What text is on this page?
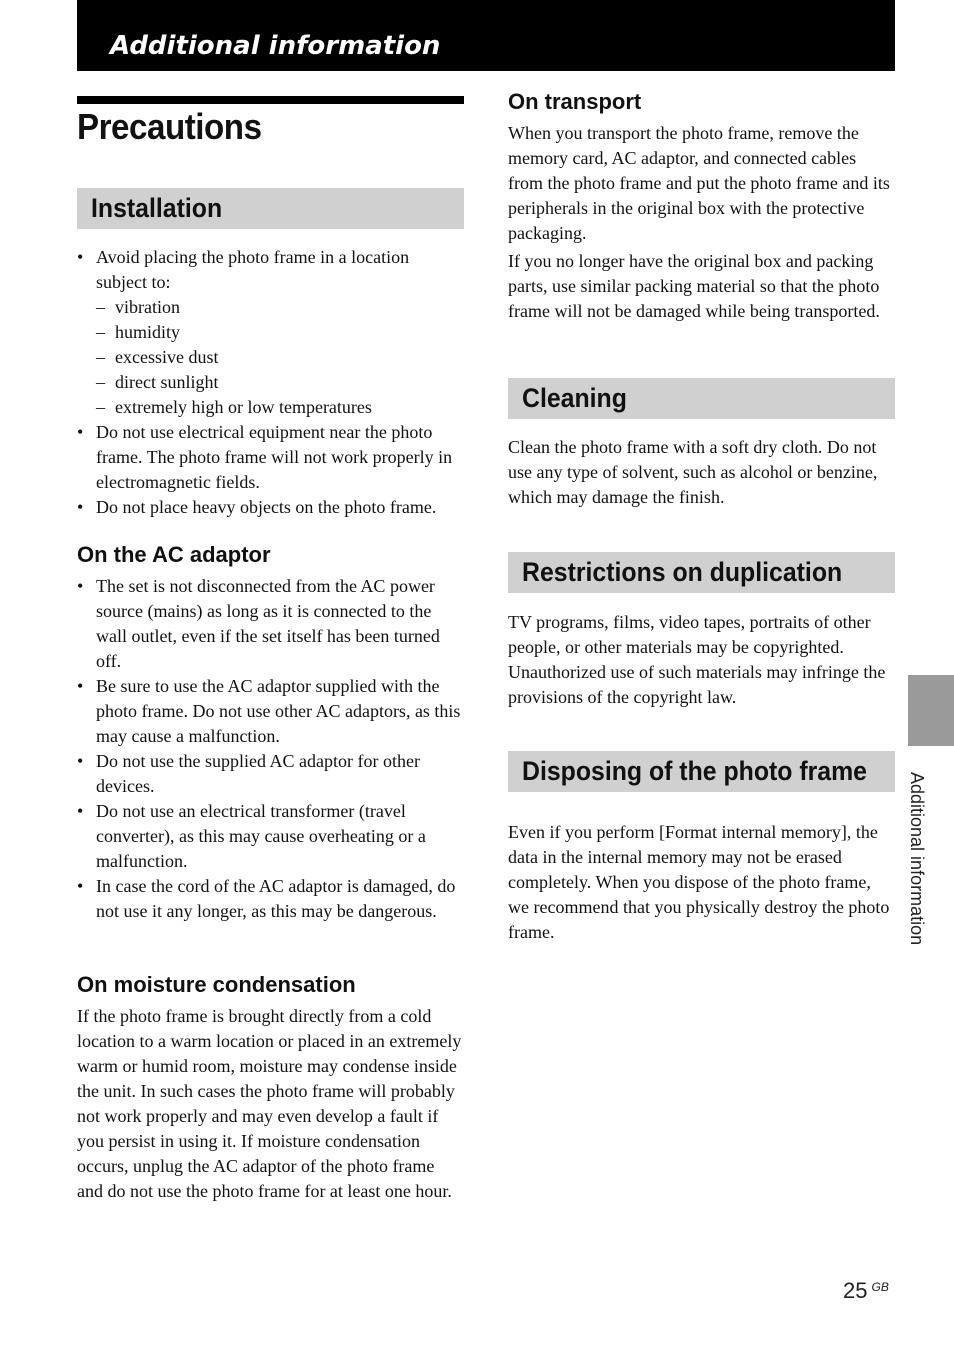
Additional information
Precautions
Installation
• Avoid placing the photo frame in a location subject to:
– vibration
– humidity
– excessive dust
– direct sunlight
– extremely high or low temperatures
• Do not use electrical equipment near the photo frame. The photo frame will not work properly in electromagnetic fields.
• Do not place heavy objects on the photo frame.
On the AC adaptor
• The set is not disconnected from the AC power source (mains) as long as it is connected to the wall outlet, even if the set itself has been turned off.
• Be sure to use the AC adaptor supplied with the photo frame. Do not use other AC adaptors, as this may cause a malfunction.
• Do not use the supplied AC adaptor for other devices.
• Do not use an electrical transformer (travel converter), as this may cause overheating or a malfunction.
• In case the cord of the AC adaptor is damaged, do not use it any longer, as this may be dangerous.
On moisture condensation

If the photo frame is brought directly from a cold location to a warm location or placed in an extremely warm or humid room, moisture may condense inside the unit. In such cases the photo frame will probably not work properly and may even develop a fault if you persist in using it. If moisture condensation occurs, unplug the AC adaptor of the photo frame and do not use the photo frame for at least one hour.

On transport

When you transport the photo frame, remove the memory card, AC adaptor, and connected cables from the photo frame and put the photo frame and its peripherals in the original box with the protective packaging.

If you no longer have the original box and packing parts, use similar packing material so that the photo frame will not be damaged while being transported.

Cleaning

Clean the photo frame with a soft dry cloth. Do not use any type of solvent, such as alcohol or benzine, which may damage the finish.

Restrictions on duplication

TV programs, films, video tapes, portraits of other people, or other materials may be copyrighted. Unauthorized use of such materials may infringe the provisions of the copyright law.

Disposing of the photo frame

Even if you perform [Format internal memory], the data in the internal memory may not be erased completely. When you dispose of the photo frame, we recommend that you physically destroy the photo frame.	Additional information
25 $^{GB}$
